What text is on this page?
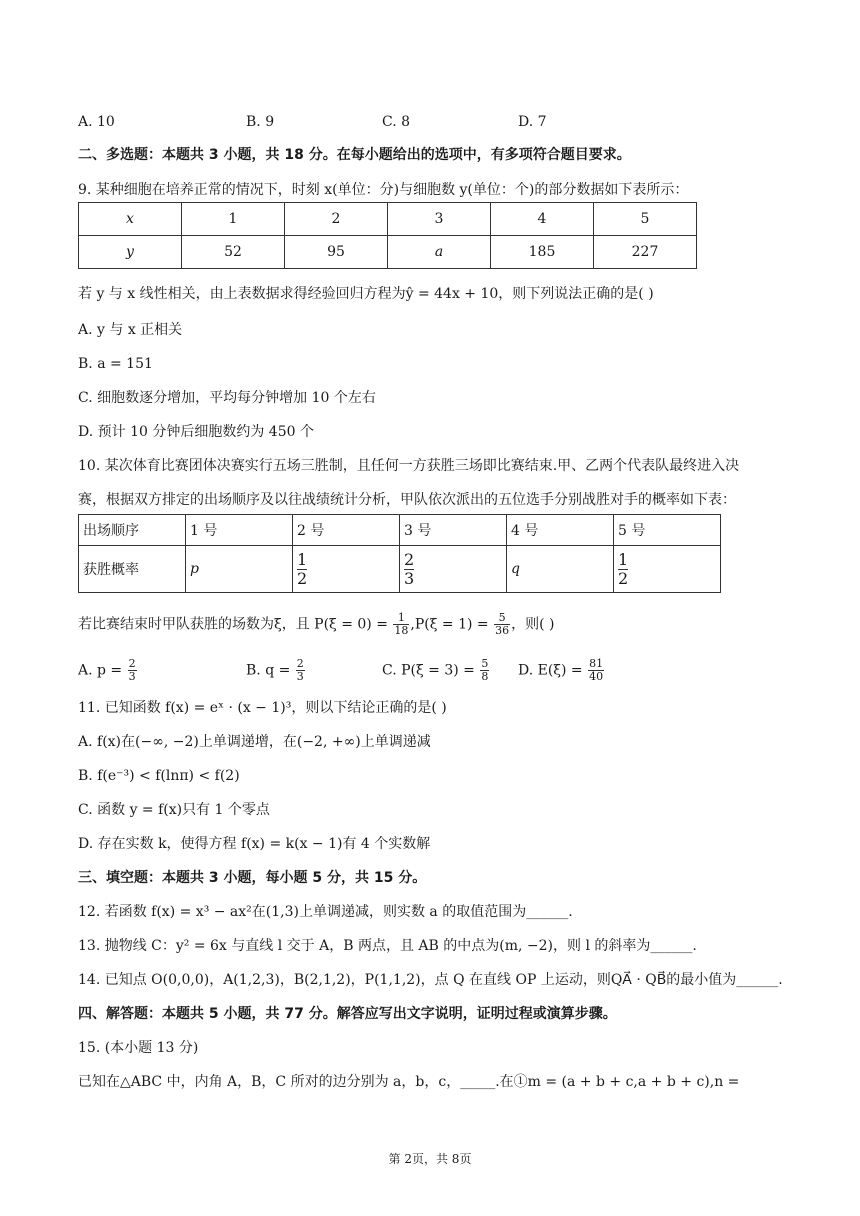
A. 10	B. 9	C. 8	D. 7
二、多选题：本题共 3 小题，共 18 分。在每小题给出的选项中，有多项符合题目要求。
9. 某种细胞在培养正常的情况下，时刻 x(单位：分)与细胞数 y(单位：个)的部分数据如下表所示：
x	1	2	3	4	5
y	52	95	a	185	227
若 y 与 x 线性相关，由上表数据求得经验回归方程为ŷ = 44x + 10，则下列说法正确的是( )
A. y 与 x 正相关
B. a = 151
C. 细胞数逐分增加，平均每分钟增加 10 个左右
D. 预计 10 分钟后细胞数约为 450 个
10. 某次体育比赛团体决赛实行五场三胜制，且任何一方获胜三场即比赛结束.甲、乙两个代表队最终进入决
赛，根据双方排定的出场顺序及以往战绩统计分析，甲队依次派出的五位选手分别战胜对手的概率如下表：
出场顺序	1 号	2 号	3 号	4 号	5 号
获胜概率	p	$\frac{1}{2}$	$\frac{2}{3}$	q	$\frac{1}{2}$
若比赛结束时甲队获胜的场数为ξ，且 $P(\xi = 0) = \frac{1}{18} ,P(\xi = 1) = \frac{5}{36}$ ，则( )
A. $p = \frac{2}{3}$	B. $q = \frac{2}{3}$	C. $P(\xi = 3) = \frac{5}{8} D$. $E(\xi) = \frac{81}{40}$
11. 已知函数 f(x) = eˣ · (x − 1)³，则以下结论正确的是( )
A. f(x)在(−∞, −2)上单调递增，在(−2, +∞)上单调递减
B. f(e⁻³) < f(lnπ) < f(2)
C. 函数 y = f(x)只有 1 个零点
D. 存在实数 k，使得方程 f(x) = k(x − 1)有 4 个实数解
三、填空题：本题共 3 小题，每小题 5 分，共 15 分。
12. 若函数 f(x) = x³ − ax²在(1,3)上单调递减，则实数 a 的取值范围为______.
13. 抛物线 C：y² = 6x 与直线 l 交于 A，B 两点，且 AB 的中点为(m, −2)，则 l 的斜率为______.
14. 已知点 O(0,0,0)，A(1,2,3)，B(2,1,2)，P(1,1,2)，点 Q 在直线 OP 上运动，则QA⃗ · QB⃗的最小值为______.
四、解答题：本题共 5 小题，共 77 分。解答应写出文字说明，证明过程或演算步骤。
15. (本小题 13 分)
已知在△ABC 中，内角 A，B，C 所对的边分别为 a，b，c，_____.在①m = (a + b + c,a + b + c),n =
第 2页，共 8页
